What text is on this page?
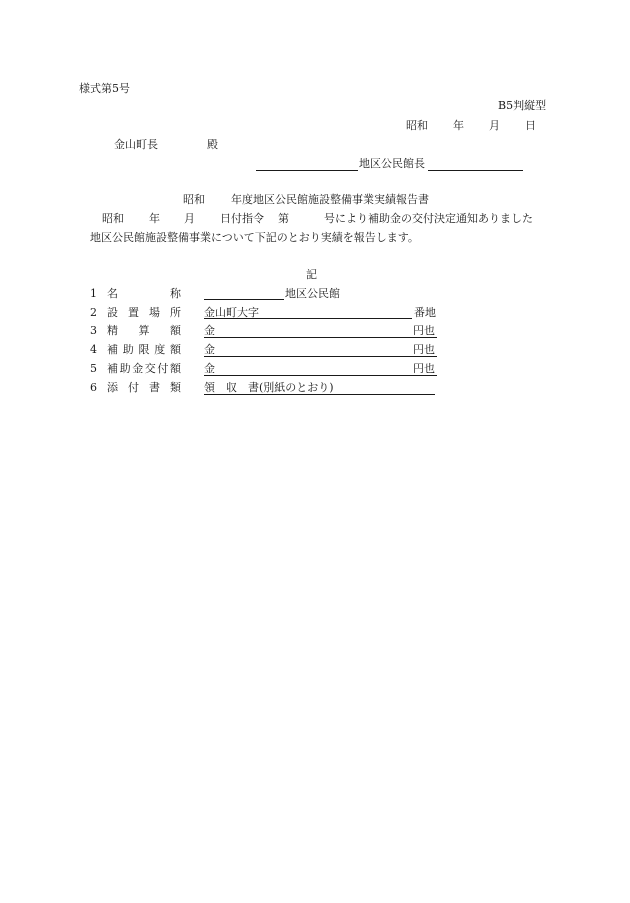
様式第5号
B5判縦型
昭和 年 月 日
金山町長	殿
地区公民館長
昭和 年度地区公民館施設整備事業実績報告書
昭和 年 月 日付指令 第	号により補助金の交付決定通知ありました
地区公民館施設整備事業について下記のとおり実績を報告します。
記
1 名　称	地区公民館
2 設置場所 金山町大字	番地
3 精　算　額 金	円也
4 補助限度額 金	円也
5 補助金交付額 金	円也
6 添付書類 領　収　書(別紙のとおり)
